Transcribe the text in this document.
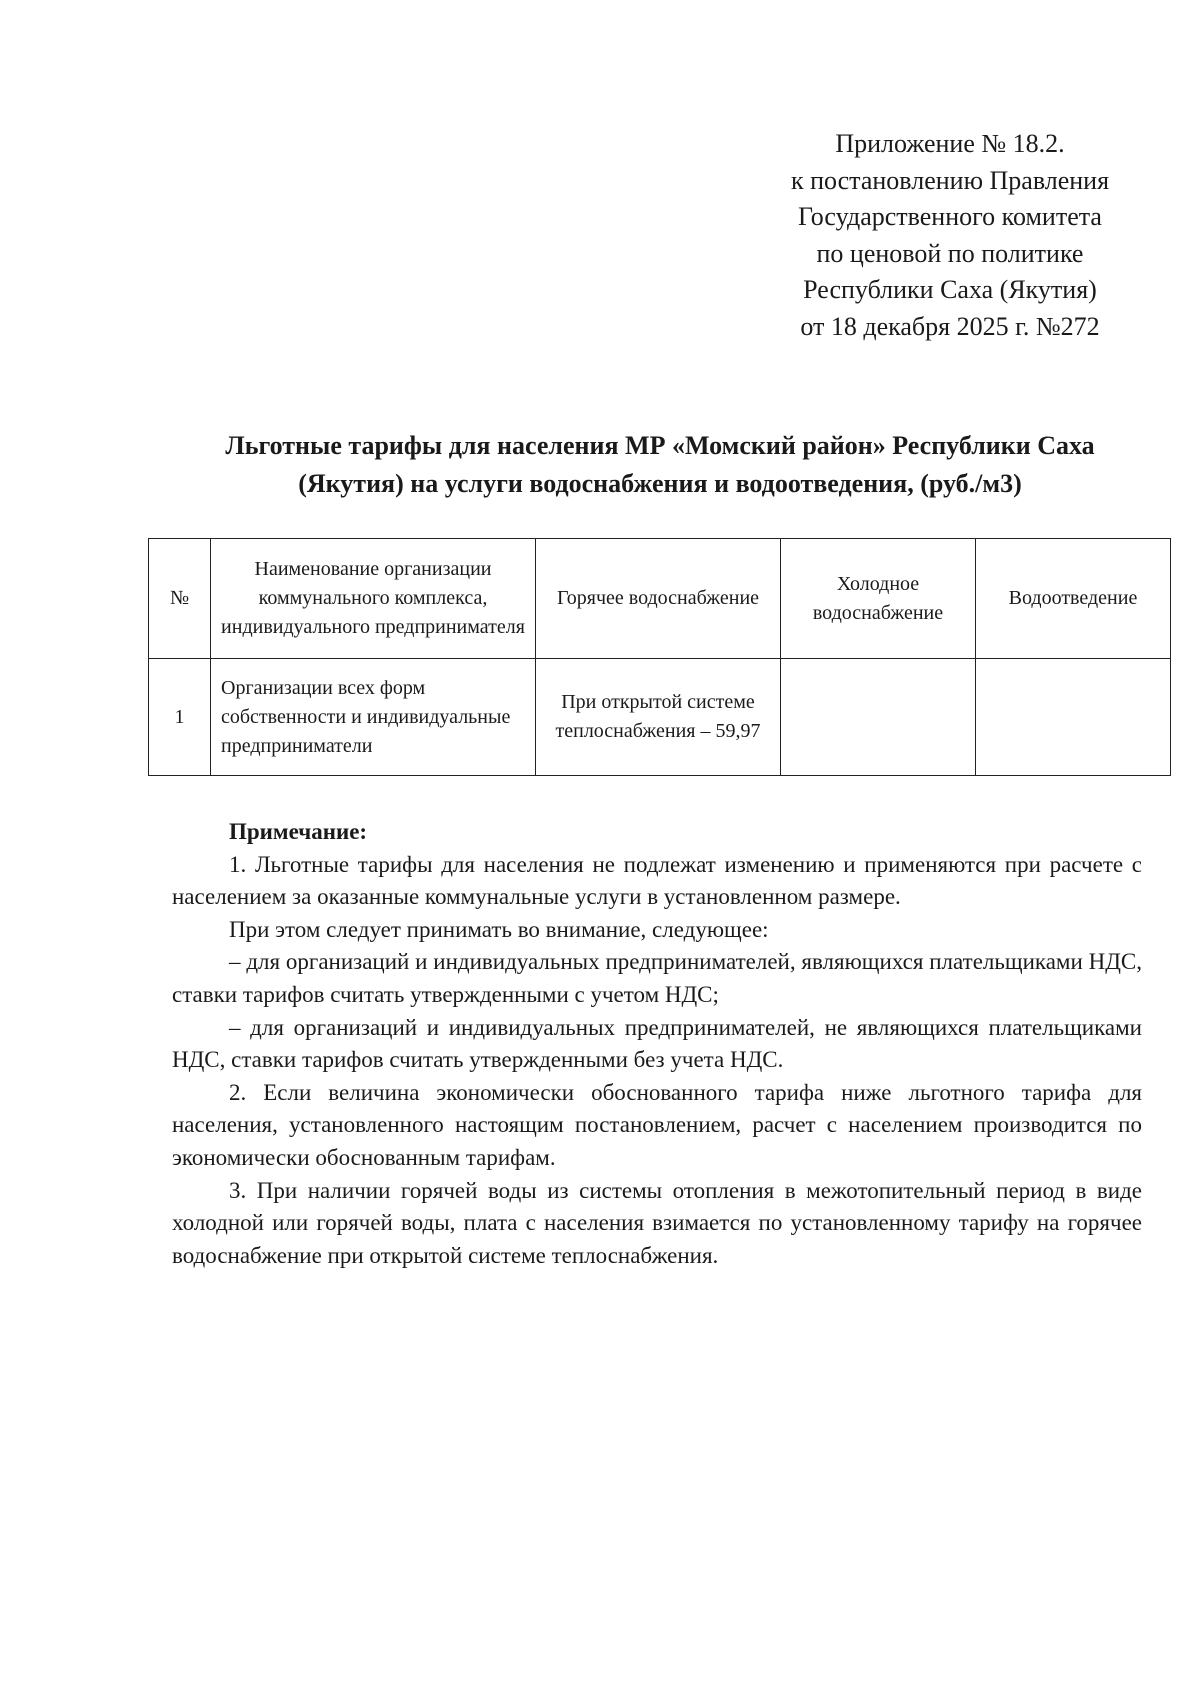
Приложение № 18.2.
к постановлению Правления
Государственного комитета
по ценовой по политике
Республики Саха (Якутия)
от 18 декабря 2025 г. №272
Льготные тарифы для населения МР «Момский район» Республики Саха
(Якутия) на услуги водоснабжения и водоотведения, (руб./м3)
№	Наименование организации коммунального комплекса, индивидуального предпринимателя	Горячее водоснабжение	Холодное водоснабжение	Водоотведение
1	Организации всех форм собственности и индивидуальные предприниматели	При открытой системе теплоснабжения – 59,97		
Примечание:

1. Льготные тарифы для населения не подлежат изменению и применяются при расчете с населением за оказанные коммунальные услуги в установленном размере.

При этом следует принимать во внимание, следующее:

– для организаций и индивидуальных предпринимателей, являющихся плательщиками НДС, ставки тарифов считать утвержденными с учетом НДС;

– для организаций и индивидуальных предпринимателей, не являющихся плательщиками НДС, ставки тарифов считать утвержденными без учета НДС.

2. Если величина экономически обоснованного тарифа ниже льготного тарифа для населения, установленного настоящим постановлением, расчет с населением производится по экономически обоснованным тарифам.

3. При наличии горячей воды из системы отопления в межотопительный период в виде холодной или горячей воды, плата с населения взимается по установленному тарифу на горячее водоснабжение при открытой системе теплоснабжения.
